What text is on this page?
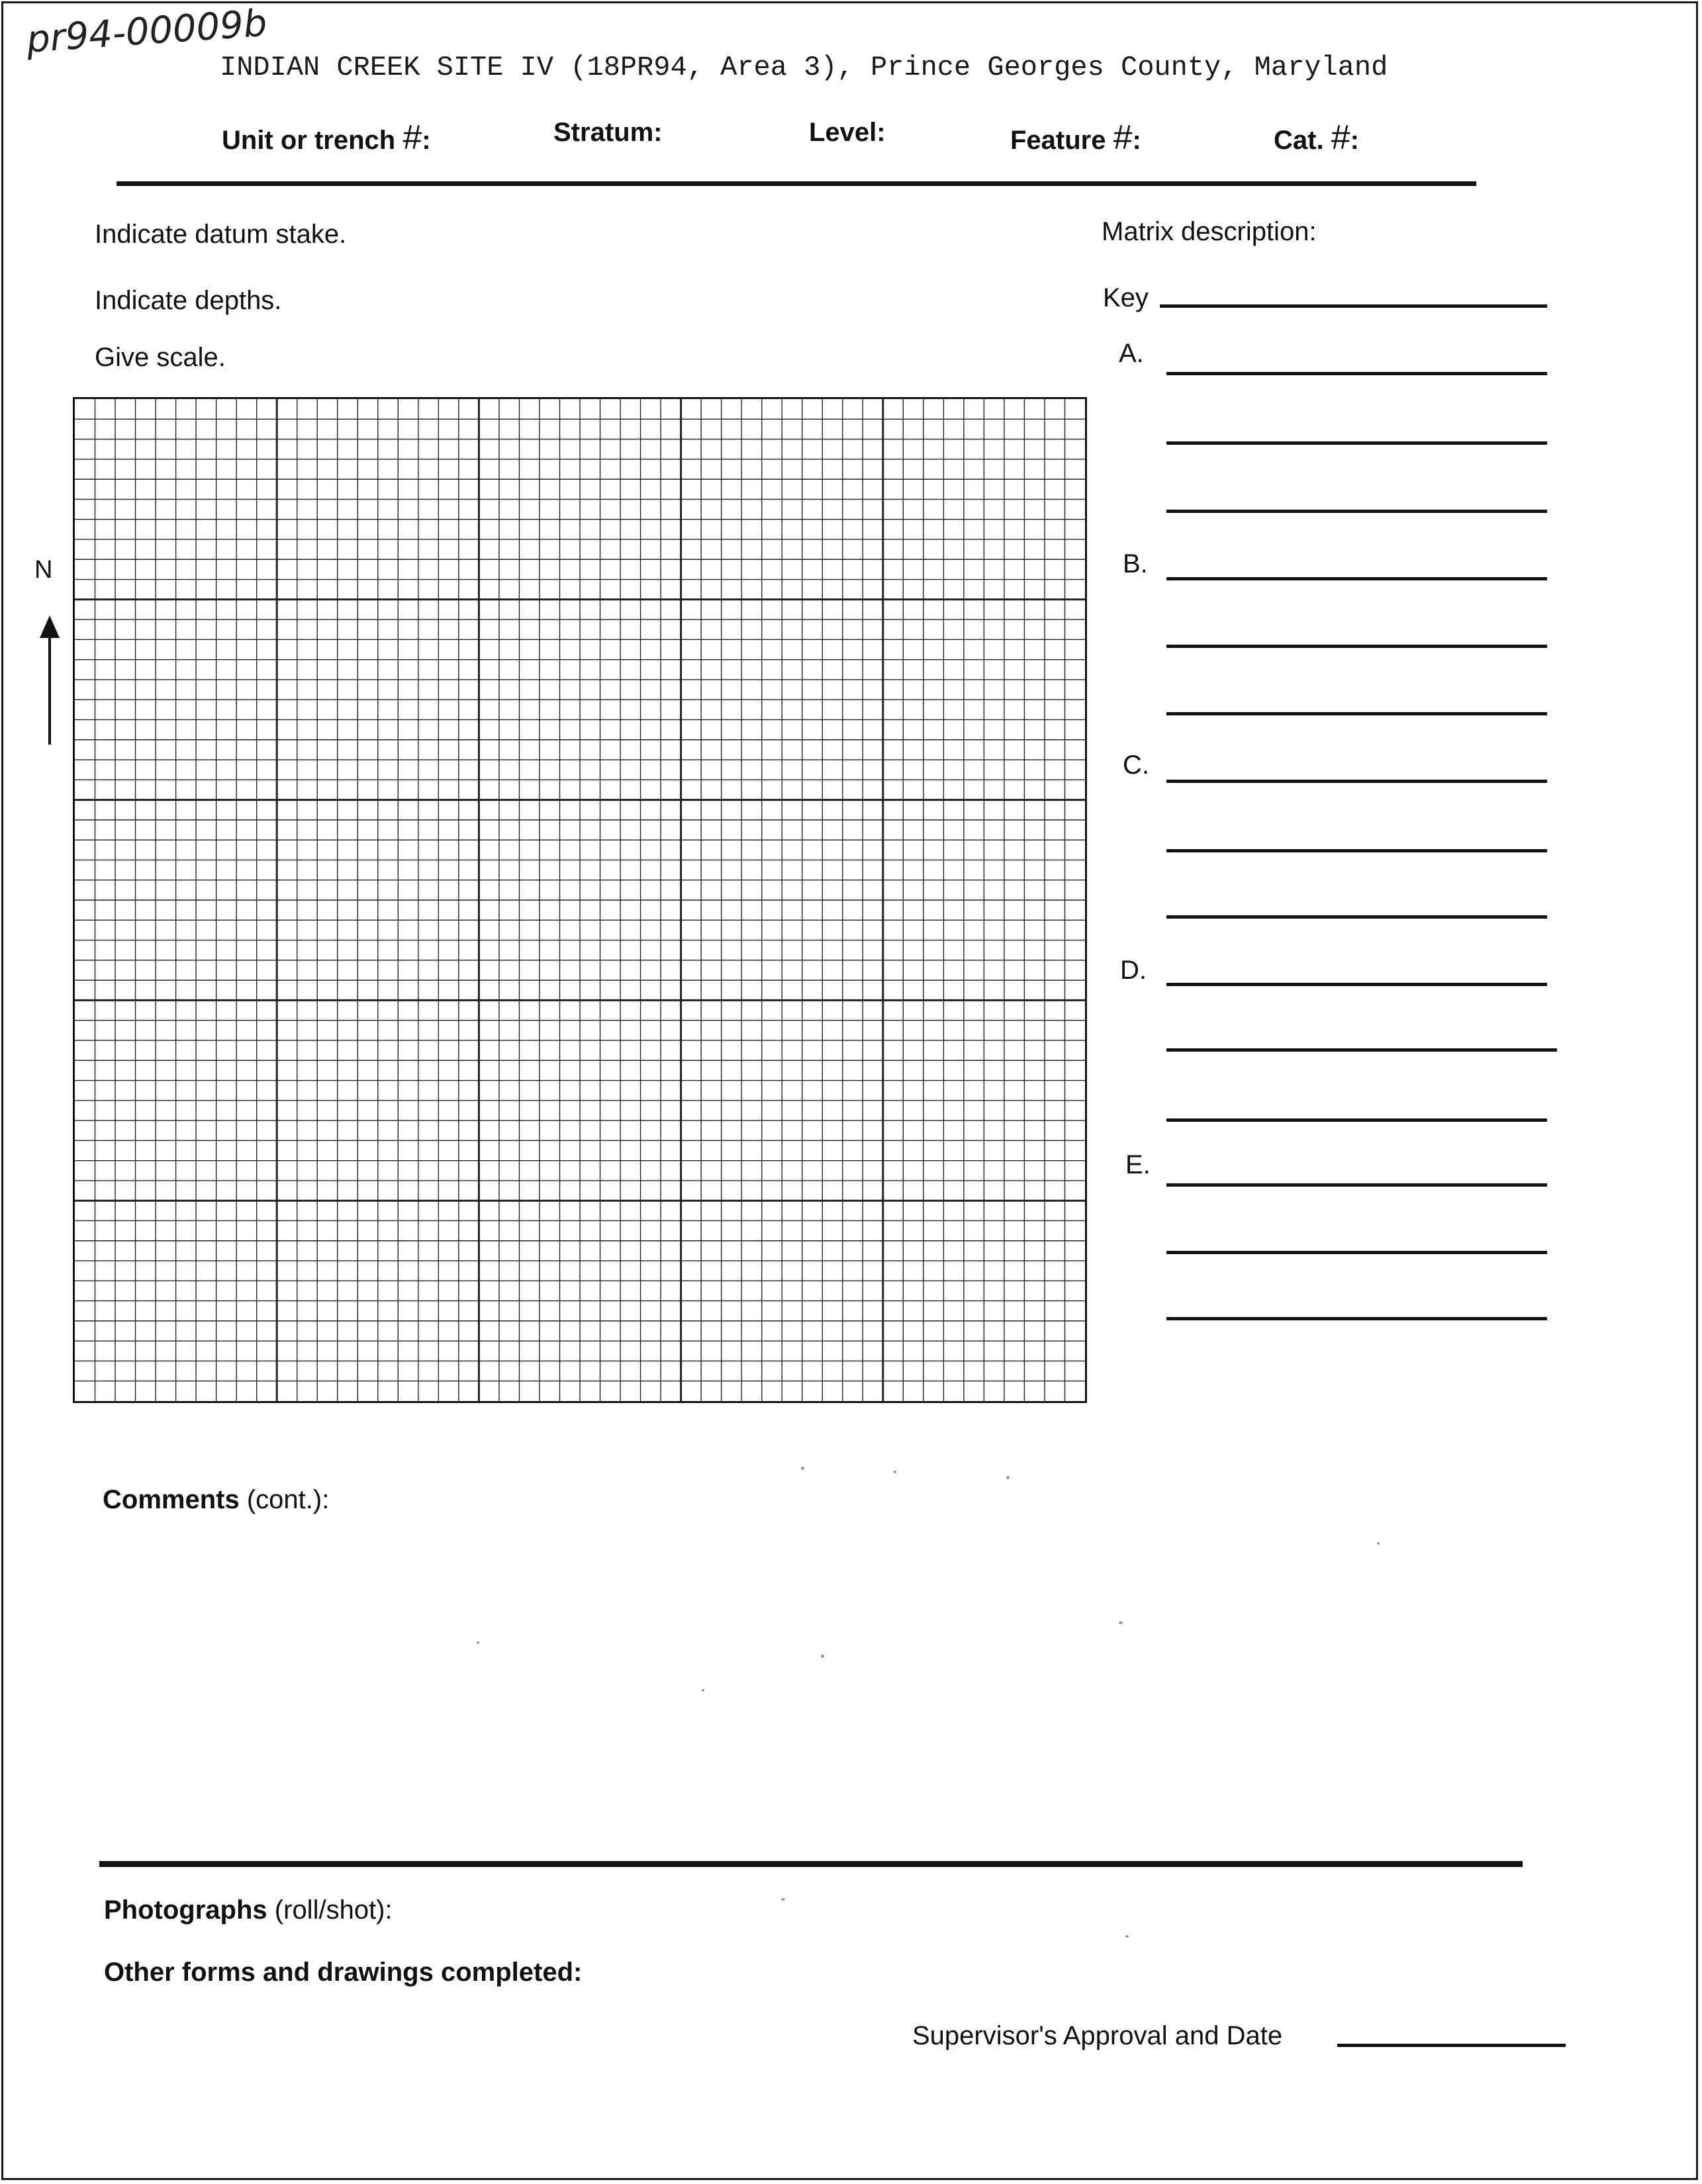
pr94-00009b
INDIAN CREEK SITE IV (18PR94, Area 3), Prince Georges County, Maryland
Unit or trench #:	Stratum:	Level:	Feature #:	Cat. #:
Indicate datum stake.
Indicate depths.
Give scale.
N
Matrix description:
Key
A.
B.
C.
D.
E.
Comments (cont.):
Photographs (roll/shot):
Other forms and drawings completed:
Supervisor's Approval and Date
